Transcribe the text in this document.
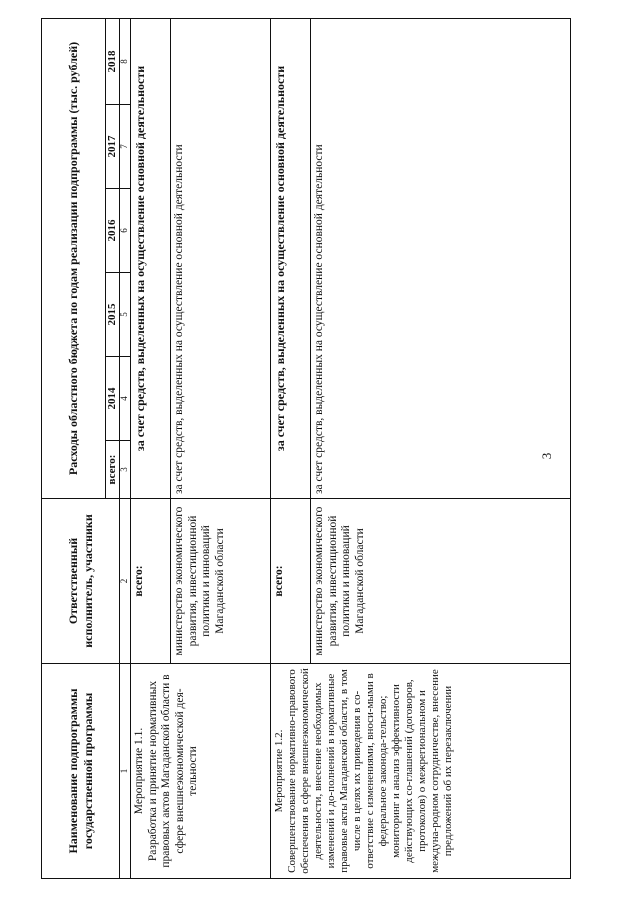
3
Наименование подпрограммы государственной программы	Ответственный исполнитель, участники	Расходы областного бюджета по годам реализации подпрограммы (тыс. рублей)					
		всего:	2014	2015	2016	2017	2018
1	2	3	4	5	6	7	8

Мероприятие 1.1. Разработка и принятие нормативных правовых актов Магаданской области в сфере внешнеэкономической дея-тельности	всего:	за счет средств, выделенных на осуществление основной деятельности					
	министерство экономического развития, инвестиционной политики и инноваций Магаданской области	за счет средств, выделенных на осуществление основной деятельности					

Мероприятие 1.2. Совершенствование нормативно-правового обеспечения в сфере внешнеэкономической деятельности, внесение необходимых изменений и до-полнений в нормативные правовые акты Магаданской области, в том числе в целях их приведения в со-ответствие с изменениями, вноси-мыми в федеральное законода-тельство; мониторинг и анализ эффективности действующих со-глашений (договоров, протоколов) о межрегиональном и междуна-родном сотрудничестве, внесение предложений об их перезаключении	всего:	за счет средств, выделенных на осуществление основной деятельности					
	министерство экономического развития, инвестиционной политики и инноваций Магаданской области	за счет средств, выделенных на осуществление основной деятельности					
